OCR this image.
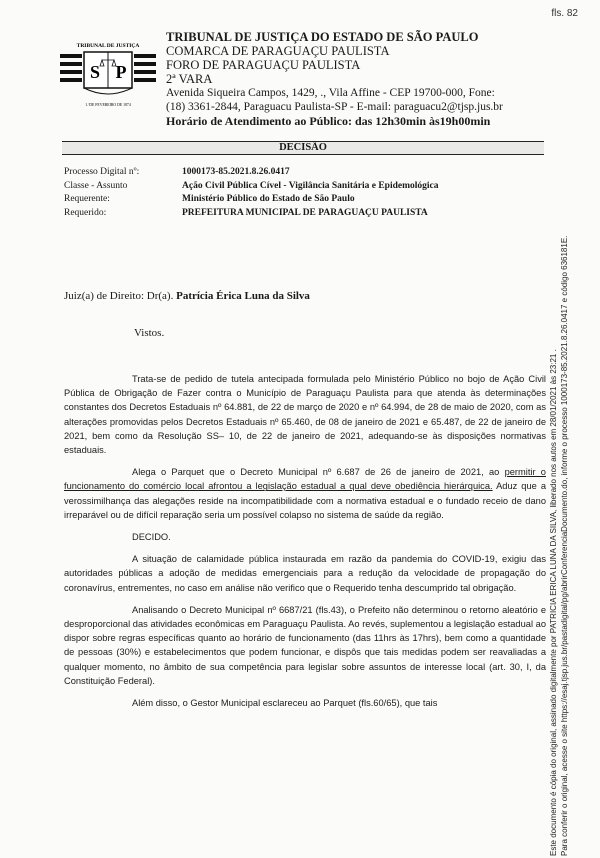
fls. 82
TRIBUNAL DE JUSTIÇA
S P
1.ºDE FEVEREIRO DE 1874
TRIBUNAL DE JUSTIÇA DO ESTADO DE SÃO PAULO
COMARCA DE PARAGUAÇU PAULISTA
FORO DE PARAGUAÇU PAULISTA
2ª VARA
Avenida Siqueira Campos, 1429, ., Vila Affine - CEP 19700-000, Fone:
(18) 3361-2844, Paraguacu Paulista-SP - E-mail: paraguacu2@tjsp.jus.br
Horário de Atendimento ao Público: das 12h30min às19h00min
DECISÃO
Processo Digital nº:	1000173-85.2021.8.26.0417
Classe - Assunto	Ação Civil Pública Cível - Vigilância Sanitária e Epidemológica
Requerente:	Ministério Público do Estado de São Paulo
Requerido:	PREFEITURA MUNICIPAL DE PARAGUAÇU PAULISTA
Juiz(a) de Direito: Dr(a). Patrícia Érica Luna da Silva
Vistos.

Trata-se de pedido de tutela antecipada formulada pelo Ministério Público no bojo de Ação Civil Pública de Obrigação de Fazer contra o Município de Paraguaçu Paulista para que atenda às determinações constantes dos Decretos Estaduais nº 64.881, de 22 de março de 2020 e nº 64.994, de 28 de maio de 2020, com as alterações promovidas pelos Decretos Estaduais nº 65.460, de 08 de janeiro de 2021 e 65.487, de 22 de janeiro de 2021, bem como da Resolução SS– 10, de 22 de janeiro de 2021, adequando-se às disposições normativas estaduais.

Alega o Parquet que o Decreto Municipal nº 6.687 de 26 de janeiro de 2021, ao permitir o funcionamento do comércio local afrontou a legislação estadual a qual deve obediência hierárquica. Aduz que a verossimilhança das alegações reside na incompatibilidade com a normativa estadual e o fundado receio de dano irreparável ou de difícil reparação seria um possível colapso no sistema de saúde da região.

DECIDO.

A situação de calamidade pública instaurada em razão da pandemia do COVID-19, exigiu das autoridades públicas a adoção de medidas emergenciais para a redução da velocidade de propagação do coronavírus, entrementes, no caso em análise não verifico que o Requerido tenha descumprido tal obrigação.

Analisando o Decreto Municipal nº 6687/21 (fls.43), o Prefeito não determinou o retorno aleatório e desproporcional das atividades econômicas em Paraguaçu Paulista. Ao revés, suplementou a legislação estadual ao dispor sobre regras específicas quanto ao horário de funcionamento (das 11hrs às 17hrs), bem como a quantidade de pessoas (30%) e estabelecimentos que podem funcionar, e dispôs que tais medidas podem ser reavaliadas a qualquer momento, no âmbito de sua competência para legislar sobre assuntos de interesse local (art. 30, I, da Constituição Federal).

Além disso, o Gestor Municipal esclareceu ao Parquet (fls.60/65), que tais	Este documento é cópia do original, assinado digitalmente por PATRICIA ERICA LUNA DA SILVA, liberado nos autos em 28/01/2021 às 23:21 . Para conferir o original, acesse o site https://esaj.tjsp.jus.br/pastadigital/pg/abrirConferenciaDocumento.do, informe o processo 1000173-85.2021.8.26.0417 e código 636181E.
